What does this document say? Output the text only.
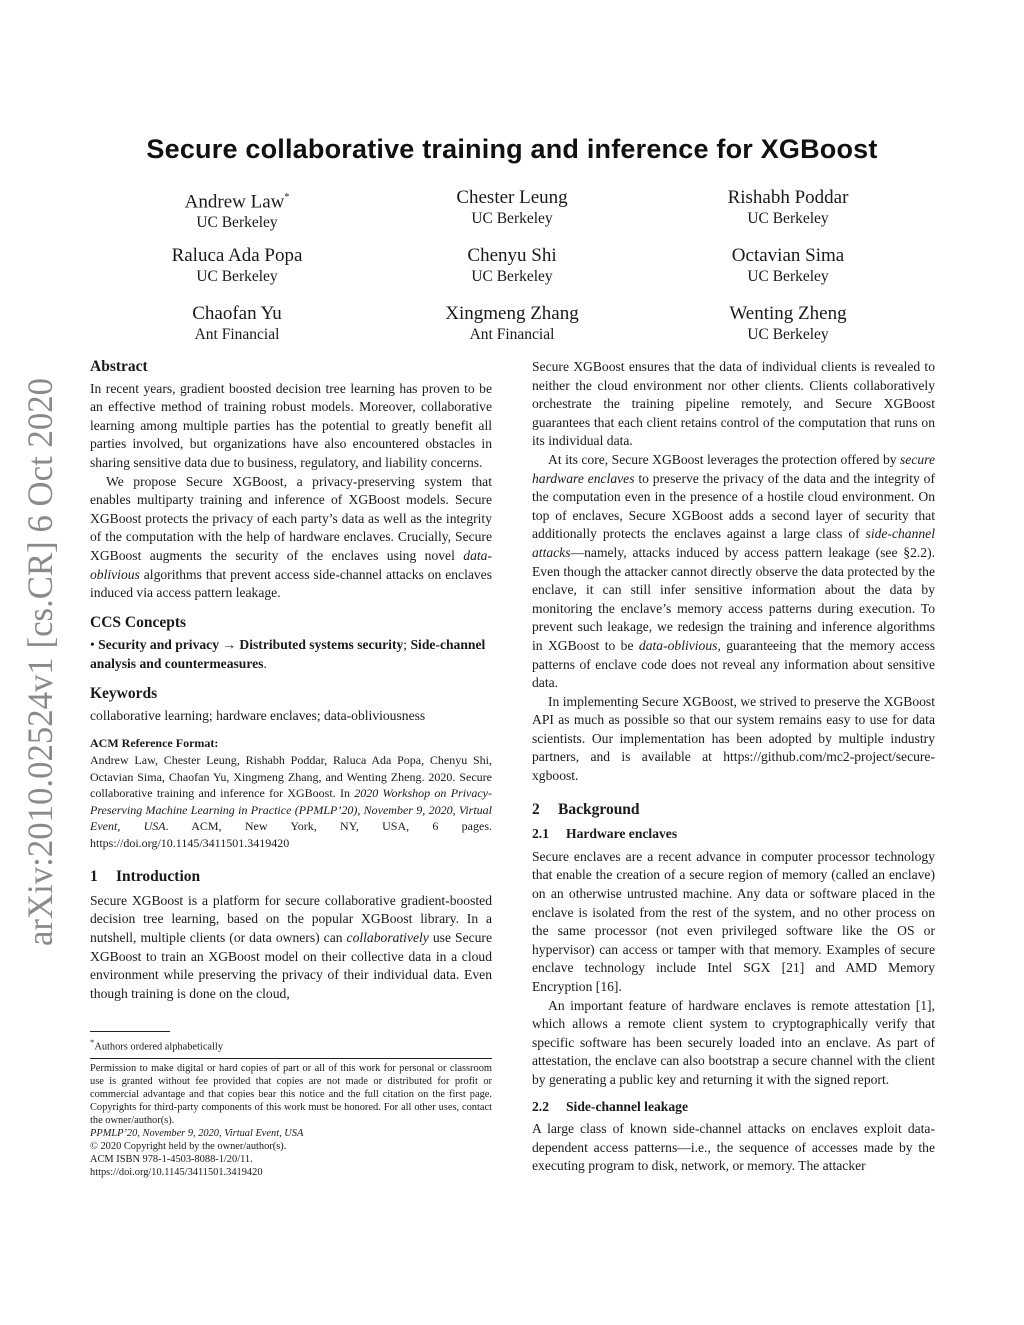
arXiv:2010.02524v1 [cs.CR] 6 Oct 2020
Secure collaborative training and inference for XGBoost
Andrew Law*
UC Berkeley
Chester Leung
UC Berkeley
Rishabh Poddar
UC Berkeley
Raluca Ada Popa
UC Berkeley
Chenyu Shi
UC Berkeley
Octavian Sima
UC Berkeley
Chaofan Yu
Ant Financial
Xingmeng Zhang
Ant Financial
Wenting Zheng
UC Berkeley

Abstract

In recent years, gradient boosted decision tree learning has proven to be an effective method of training robust models. Moreover, collaborative learning among multiple parties has the potential to greatly benefit all parties involved, but organizations have also encountered obstacles in sharing sensitive data due to business, regulatory, and liability concerns.

We propose Secure XGBoost, a privacy-preserving system that enables multiparty training and inference of XGBoost models. Secure XGBoost protects the privacy of each party’s data as well as the integrity of the computation with the help of hardware enclaves. Crucially, Secure XGBoost augments the security of the enclaves using novel data-oblivious algorithms that prevent access side-channel attacks on enclaves induced via access pattern leakage.

CCS Concepts

• Security and privacy → Distributed systems security; Side-channel analysis and countermeasures.

Keywords

collaborative learning; hardware enclaves; data-obliviousness

ACM Reference Format:

Andrew Law, Chester Leung, Rishabh Poddar, Raluca Ada Popa, Chenyu Shi, Octavian Sima, Chaofan Yu, Xingmeng Zhang, and Wenting Zheng. 2020. Secure collaborative training and inference for XGBoost. In 2020 Workshop on Privacy-Preserving Machine Learning in Practice (PPMLP’20), November 9, 2020, Virtual Event, USA. ACM, New York, NY, USA, 6 pages. https://doi.org/10.1145/3411501.3419420

1 Introduction

Secure XGBoost is a platform for secure collaborative gradient-boosted decision tree learning, based on the popular XGBoost library. In a nutshell, multiple clients (or data owners) can collaboratively use Secure XGBoost to train an XGBoost model on their collective data in a cloud environment while preserving the privacy of their individual data. Even though training is done on the cloud,

*Authors ordered alphabetically
Permission to make digital or hard copies of part or all of this work for personal or classroom use is granted without fee provided that copies are not made or distributed for profit or commercial advantage and that copies bear this notice and the full citation on the first page. Copyrights for third-party components of this work must be honored. For all other uses, contact the owner/author(s).
PPMLP’20, November 9, 2020, Virtual Event, USA
© 2020 Copyright held by the owner/author(s).
ACM ISBN 978-1-4503-8088-1/20/11.
https://doi.org/10.1145/3411501.3419420

Secure XGBoost ensures that the data of individual clients is revealed to neither the cloud environment nor other clients. Clients collaboratively orchestrate the training pipeline remotely, and Secure XGBoost guarantees that each client retains control of the computation that runs on its individual data.

At its core, Secure XGBoost leverages the protection offered by secure hardware enclaves to preserve the privacy of the data and the integrity of the computation even in the presence of a hostile cloud environment. On top of enclaves, Secure XGBoost adds a second layer of security that additionally protects the enclaves against a large class of side-channel attacks—namely, attacks induced by access pattern leakage (see §2.2). Even though the attacker cannot directly observe the data protected by the enclave, it can still infer sensitive information about the data by monitoring the enclave’s memory access patterns during execution. To prevent such leakage, we redesign the training and inference algorithms in XGBoost to be data-oblivious, guaranteeing that the memory access patterns of enclave code does not reveal any information about sensitive data.

In implementing Secure XGBoost, we strived to preserve the XGBoost API as much as possible so that our system remains easy to use for data scientists. Our implementation has been adopted by multiple industry partners, and is available at https://github.com/mc2-project/secure-xgboost.

2 Background

2.1 Hardware enclaves

Secure enclaves are a recent advance in computer processor technology that enable the creation of a secure region of memory (called an enclave) on an otherwise untrusted machine. Any data or software placed in the enclave is isolated from the rest of the system, and no other process on the same processor (not even privileged software like the OS or hypervisor) can access or tamper with that memory. Examples of secure enclave technology include Intel SGX [21] and AMD Memory Encryption [16].

An important feature of hardware enclaves is remote attestation [1], which allows a remote client system to cryptographically verify that specific software has been securely loaded into an enclave. As part of attestation, the enclave can also bootstrap a secure channel with the client by generating a public key and returning it with the signed report.

2.2 Side-channel leakage

A large class of known side-channel attacks on enclaves exploit data-dependent access patterns—i.e., the sequence of accesses made by the executing program to disk, network, or memory. The attacker
